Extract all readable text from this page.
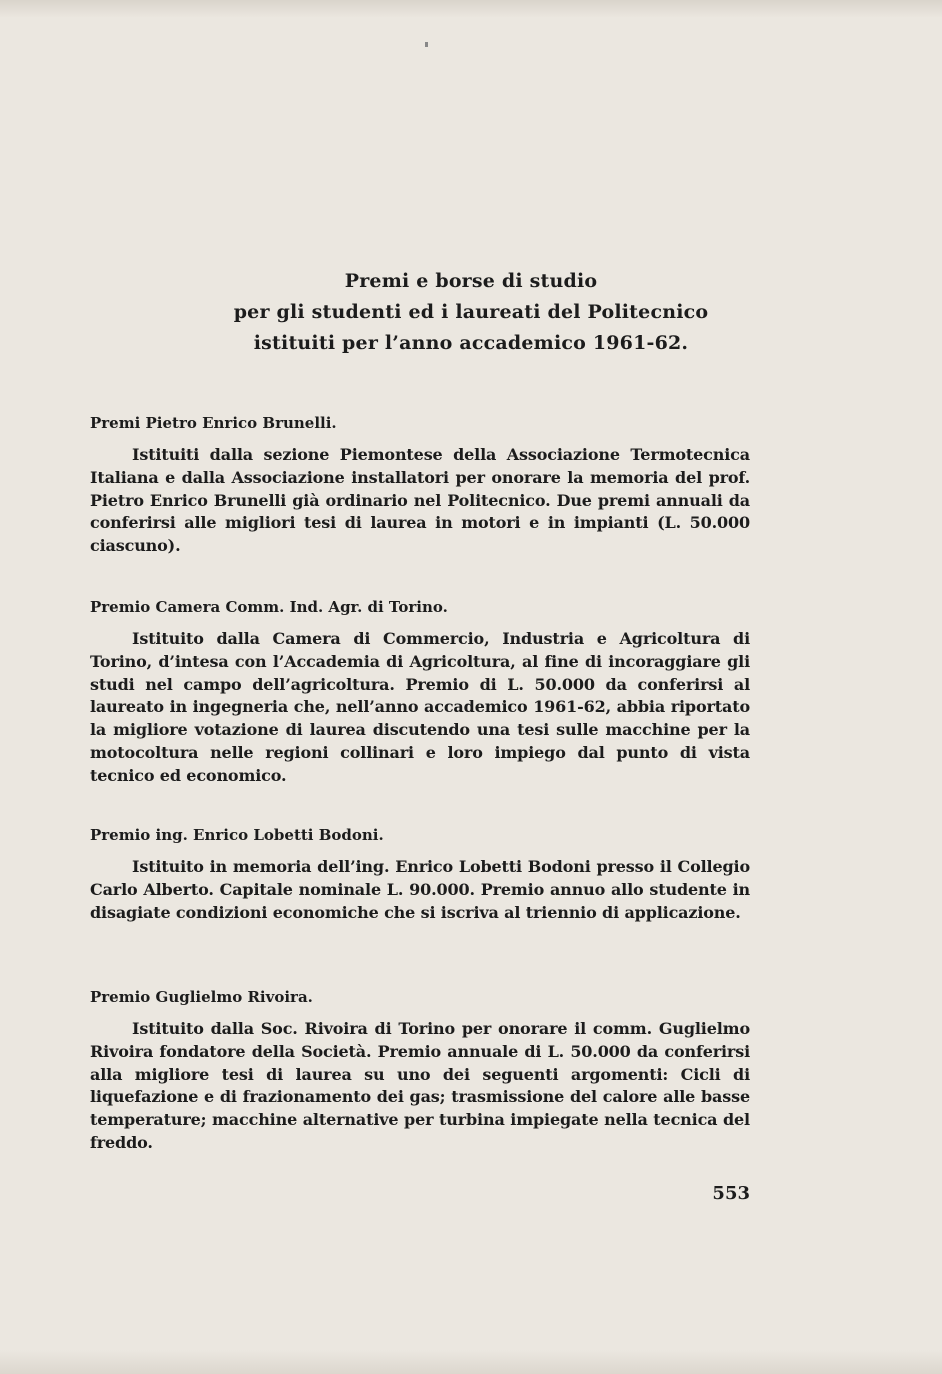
Premi e borse di studio
per gli studenti ed i laureati del Politecnico
istituiti per l’anno accademico 1961-62.
Premi Pietro Enrico Brunelli.

Istituiti dalla sezione Piemontese della Associazione Termotecnica Italiana e dalla Associazione installatori per onorare la memoria del prof. Pietro Enrico Brunelli già ordinario nel Politecnico. Due premi annuali da conferirsi alle migliori tesi di laurea in motori e in impianti (L. 50.000 ciascuno).

Premio Camera Comm. Ind. Agr. di Torino.

Istituito dalla Camera di Commercio, Industria e Agricoltura di Torino, d’intesa con l’Accademia di Agricoltura, al fine di incoraggiare gli studi nel campo dell’agricoltura. Premio di L. 50.000 da conferirsi al laureato in ingegneria che, nell’anno accademico 1961-62, abbia riportato la migliore votazione di laurea discutendo una tesi sulle macchine per la motocoltura nelle regioni collinari e loro impiego dal punto di vista tecnico ed economico.

Premio ing. Enrico Lobetti Bodoni.

Istituito in memoria dell’ing. Enrico Lobetti Bodoni presso il Collegio Carlo Alberto. Capitale nominale L. 90.000. Premio annuo allo studente in disagiate condizioni economiche che si iscriva al triennio di applicazione.

Premio Guglielmo Rivoira.

Istituito dalla Soc. Rivoira di Torino per onorare il comm. Guglielmo Rivoira fondatore della Società. Premio annuale di L. 50.000 da conferirsi alla migliore tesi di laurea su uno dei seguenti argomenti: Cicli di liquefazione e di frazionamento dei gas; trasmissione del calore alle basse temperature; macchine alternative per turbina impiegate nella tecnica del freddo.

553
